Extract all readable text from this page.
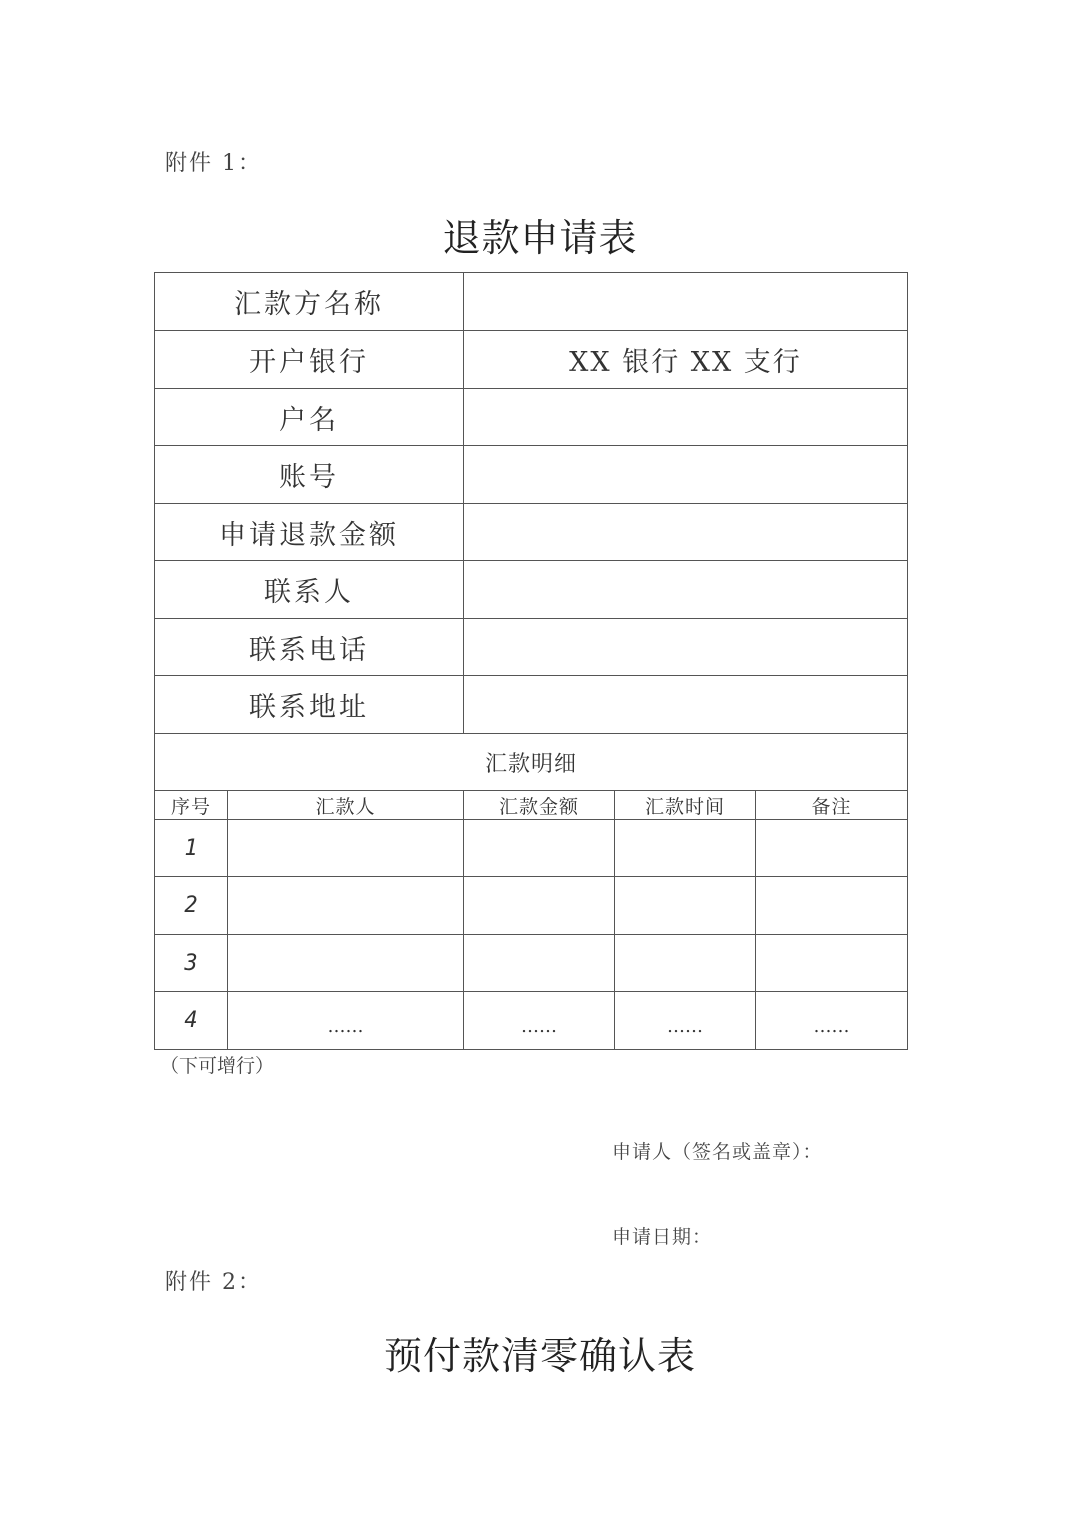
附件 1：
退款申请表
汇款方名称				
开户银行		XX 银行 XX 支行		
户名				
账号				
申请退款金额				
联系人				
联系电话				
联系地址				
汇款明细				
序号	汇款人	汇款金额	汇款时间	备注
1				
2				
3				
4	……	……	……	……
（下可增行）
申请人（签名或盖章）：
申请日期：
附件 2：
预付款清零确认表
